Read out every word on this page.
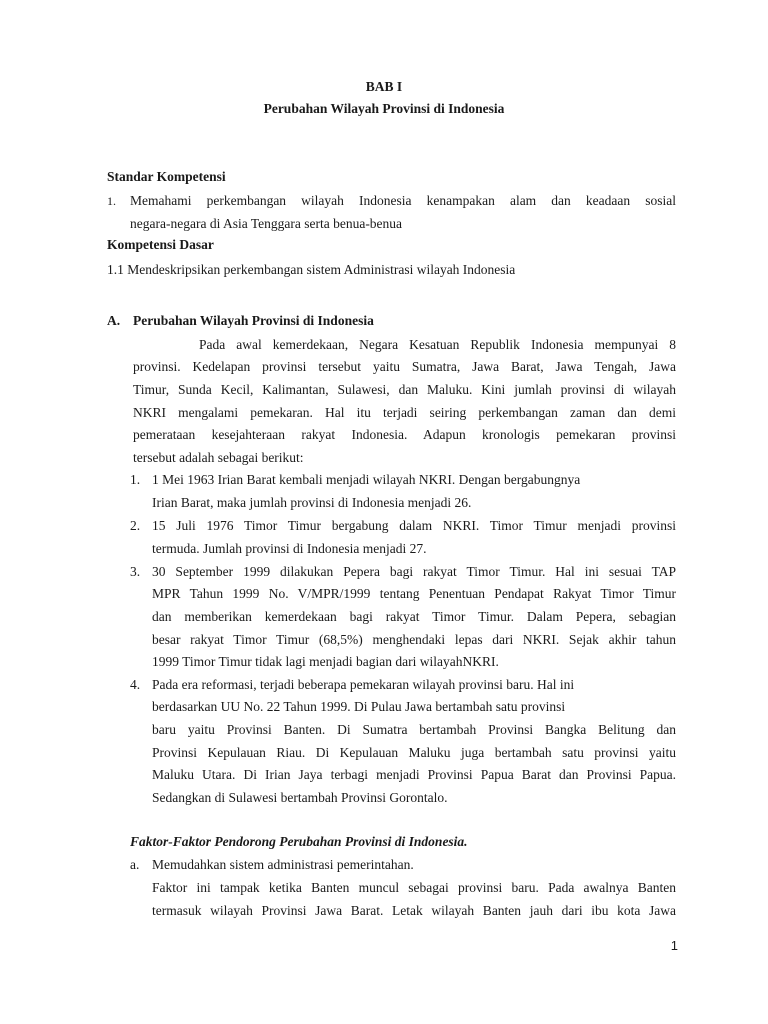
BAB I
Perubahan Wilayah Provinsi di Indonesia
Standar Kompetensi
1. Memahami perkembangan wilayah Indonesia kenampakan alam dan keadaan sosial
negara-negara di Asia Tenggara serta benua-benua
Kompetensi Dasar
1.1 Mendeskripsikan perkembangan sistem Administrasi wilayah Indonesia
A. Perubahan Wilayah Provinsi di Indonesia
Pada awal kemerdekaan, Negara Kesatuan Republik Indonesia mempunyai 8
provinsi. Kedelapan provinsi tersebut yaitu Sumatra, Jawa Barat, Jawa Tengah, Jawa
Timur, Sunda Kecil, Kalimantan, Sulawesi, dan Maluku. Kini jumlah provinsi di wilayah
NKRI mengalami pemekaran. Hal itu terjadi seiring perkembangan zaman dan demi
pemerataan kesejahteraan rakyat Indonesia. Adapun kronologis pemekaran provinsi
tersebut adalah sebagai berikut:
1. 1 Mei 1963 Irian Barat kembali menjadi wilayah NKRI. Dengan bergabungnya
Irian Barat, maka jumlah provinsi di Indonesia menjadi 26.
2. 15 Juli 1976 Timor Timur bergabung dalam NKRI. Timor Timur menjadi provinsi
termuda. Jumlah provinsi di Indonesia menjadi 27.
3. 30 September 1999 dilakukan Pepera bagi rakyat Timor Timur. Hal ini sesuai TAP
MPR Tahun 1999 No. V/MPR/1999 tentang Penentuan Pendapat Rakyat Timor Timur
dan memberikan kemerdekaan bagi rakyat Timor Timur. Dalam Pepera, sebagian
besar rakyat Timor Timur (68,5%) menghendaki lepas dari NKRI. Sejak akhir tahun
1999 Timor Timur tidak lagi menjadi bagian dari wilayahNKRI.
4. Pada era reformasi, terjadi beberapa pemekaran wilayah provinsi baru. Hal ini
berdasarkan UU No. 22 Tahun 1999. Di Pulau Jawa bertambah satu provinsi
baru yaitu Provinsi Banten. Di Sumatra bertambah Provinsi Bangka Belitung dan
Provinsi Kepulauan Riau. Di Kepulauan Maluku juga bertambah satu provinsi yaitu
Maluku Utara. Di Irian Jaya terbagi menjadi Provinsi Papua Barat dan Provinsi Papua.
Sedangkan di Sulawesi bertambah Provinsi Gorontalo.
Faktor-Faktor Pendorong Perubahan Provinsi di Indonesia.
a. Memudahkan sistem administrasi pemerintahan.
Faktor ini tampak ketika Banten muncul sebagai provinsi baru. Pada awalnya Banten
termasuk wilayah Provinsi Jawa Barat. Letak wilayah Banten jauh dari ibu kota Jawa
1
